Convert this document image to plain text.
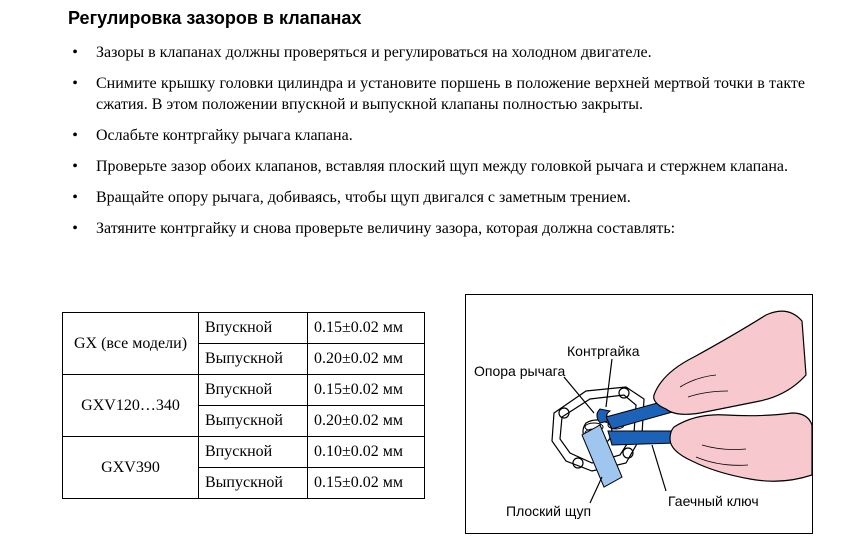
Регулировка зазоров в клапанах
• Зазоры в клапанах должны проверяться и регулироваться на холодном двигателе.
• Снимите крышку головки цилиндра и установите поршень в положение верхней мертвой точки в такте сжатия. В этом положении впускной и выпускной клапаны полностью закрыты.
• Ослабьте контргайку рычага клапана.
• Проверьте зазор обоих клапанов, вставляя плоский щуп между головкой рычага и стержнем клапана.
• Вращайте опору рычага, добиваясь, чтобы щуп двигался с заметным трением.
• Затяните контргайку и снова проверьте величину зазора, которая должна составлять:
GX (все модели)	Впускной	0.15±0.02 мм
	Выпускной	0.20±0.02 мм
GXV120…340	Впускной	0.15±0.02 мм
	Выпускной	0.20±0.02 мм
GXV390	Впускной	0.10±0.02 мм
	Выпускной	0.15±0.02 мм
Контргайка
Опора рычага
Плоский щуп
Гаечный ключ
